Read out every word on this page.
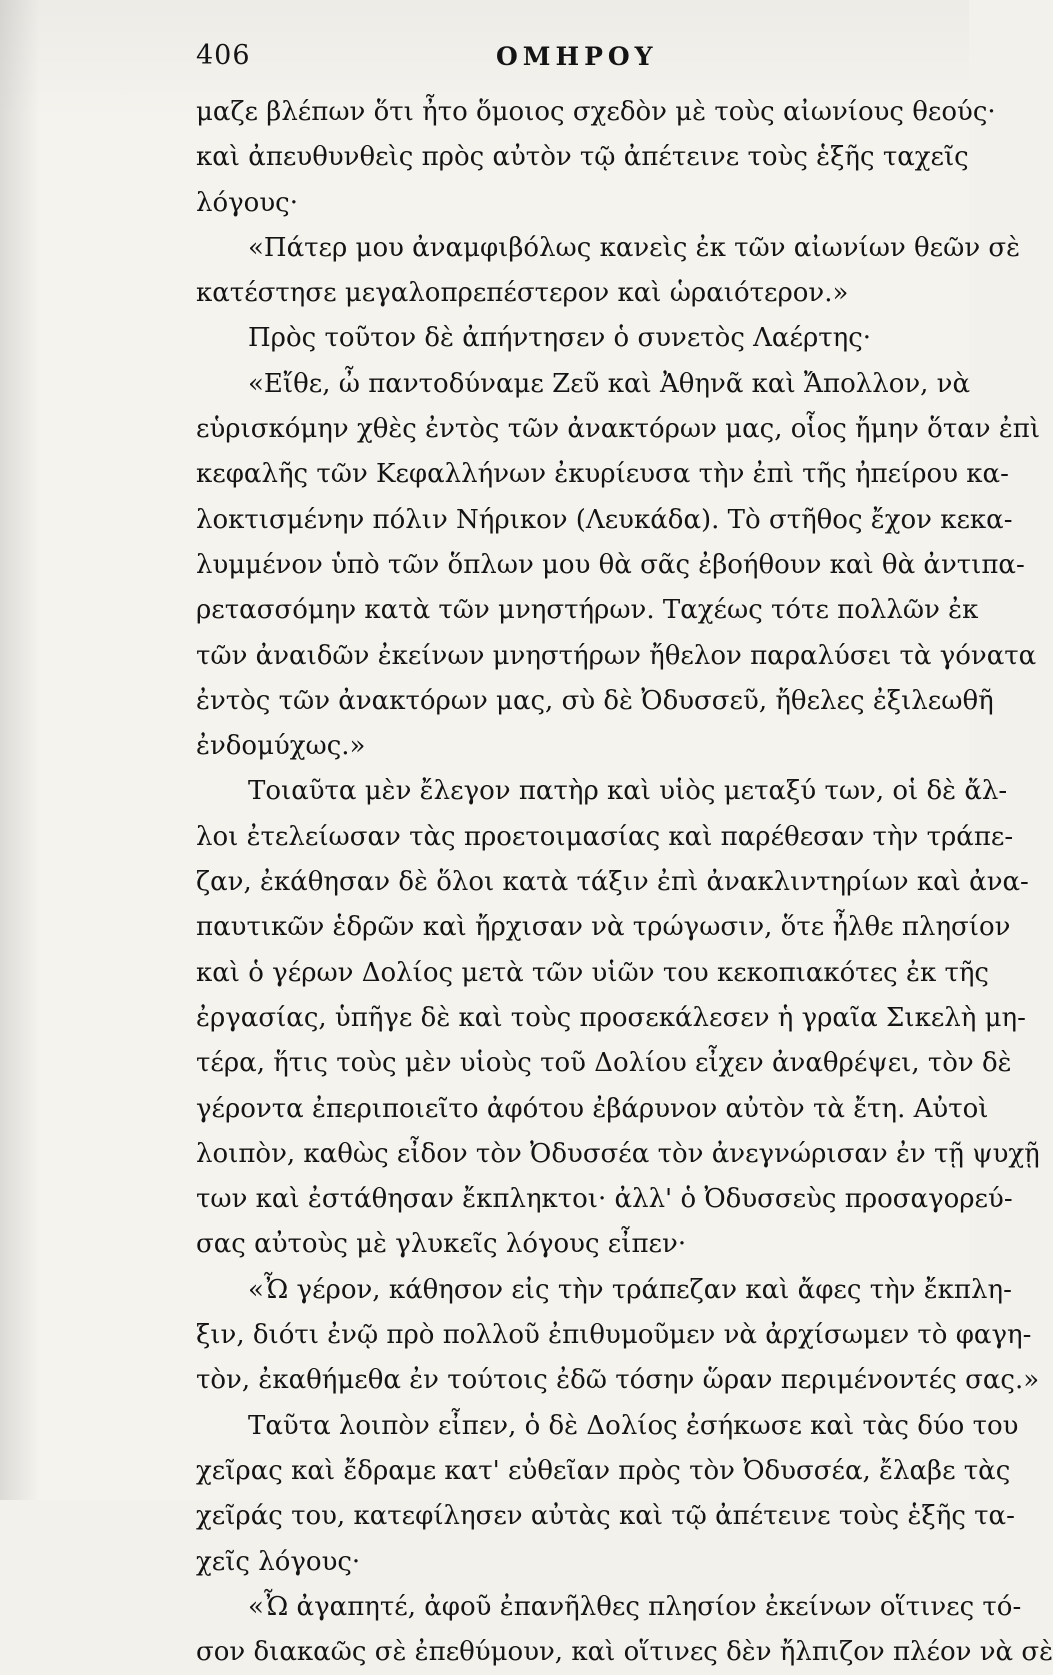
406	ΟΜΗΡΟΥ
μαζε βλέπων ὅτι ἦτο ὅμοιος σχεδὸν μὲ τοὺς αἰωνίους θεούς·
καὶ ἀπευθυνθεὶς πρὸς αὐτὸν τῷ ἀπέτεινε τοὺς ἑξῆς ταχεῖς
λόγους·
«Πάτερ μου ἀναμφιβόλως κανεὶς ἐκ τῶν αἰωνίων θεῶν σὲ
κατέστησε μεγαλοπρεπέστερον καὶ ὡραιότερον.»
Πρὸς τοῦτον δὲ ἀπήντησεν ὁ συνετὸς Λαέρτης·
«Εἴθε, ὦ παντοδύναμε Ζεῦ καὶ Ἀθηνᾶ καὶ Ἄπολλον, νὰ
εὑρισκόμην χθὲς ἐντὸς τῶν ἀνακτόρων μας, οἷος ἤμην ὅταν ἐπὶ
κεφαλῆς τῶν Κεφαλλήνων ἐκυρίευσα τὴν ἐπὶ τῆς ἠπείρου κα-
λοκτισμένην πόλιν Νήρικον (Λευκάδα). Τὸ στῆθος ἔχον κεκα-
λυμμένον ὑπὸ τῶν ὅπλων μου θὰ σᾶς ἐβοήθουν καὶ θὰ ἀντιπα-
ρετασσόμην κατὰ τῶν μνηστήρων. Ταχέως τότε πολλῶν ἐκ
τῶν ἀναιδῶν ἐκείνων μνηστήρων ἤθελον παραλύσει τὰ γόνατα
ἐντὸς τῶν ἀνακτόρων μας, σὺ δὲ Ὀδυσσεῦ, ἤθελες ἐξιλεωθῆ
ἐνδομύχως.»
Τοιαῦτα μὲν ἔλεγον πατὴρ καὶ υἱὸς μεταξύ των, οἱ δὲ ἄλ-
λοι ἐτελείωσαν τὰς προετοιμασίας καὶ παρέθεσαν τὴν τράπε-
ζαν, ἐκάθησαν δὲ ὅλοι κατὰ τάξιν ἐπὶ ἀνακλιντηρίων καὶ ἀνα-
παυτικῶν ἑδρῶν καὶ ἤρχισαν νὰ τρώγωσιν, ὅτε ἦλθε πλησίον
καὶ ὁ γέρων Δολίος μετὰ τῶν υἱῶν του κεκοπιακότες ἐκ τῆς
ἐργασίας, ὑπῆγε δὲ καὶ τοὺς προσεκάλεσεν ἡ γραῖα Σικελὴ μη-
τέρα, ἥτις τοὺς μὲν υἱοὺς τοῦ Δολίου εἶχεν ἀναθρέψει, τὸν δὲ
γέροντα ἐπεριποιεῖτο ἀφότου ἐβάρυνον αὐτὸν τὰ ἔτη. Αὐτοὶ
λοιπὸν, καθὼς εἶδον τὸν Ὀδυσσέα τὸν ἀνεγνώρισαν ἐν τῇ ψυχῇ
των καὶ ἐστάθησαν ἔκπληκτοι· ἀλλ' ὁ Ὀδυσσεὺς προσαγορεύ-
σας αὐτοὺς μὲ γλυκεῖς λόγους εἶπεν·
«Ὦ γέρον, κάθησον εἰς τὴν τράπεζαν καὶ ἄφες τὴν ἔκπλη-
ξιν, διότι ἐνῷ πρὸ πολλοῦ ἐπιθυμοῦμεν νὰ ἀρχίσωμεν τὸ φαγη-
τὸν, ἐκαθήμεθα ἐν τούτοις ἐδῶ τόσην ὥραν περιμένοντές σας.»
Ταῦτα λοιπὸν εἶπεν, ὁ δὲ Δολίος ἐσήκωσε καὶ τὰς δύο του
χεῖρας καὶ ἔδραμε κατ' εὐθεῖαν πρὸς τὸν Ὀδυσσέα, ἔλαβε τὰς
χεῖράς του, κατεφίλησεν αὐτὰς καὶ τῷ ἀπέτεινε τοὺς ἑξῆς τα-
χεῖς λόγους·
«Ὦ ἀγαπητέ, ἀφοῦ ἐπανῆλθες πλησίον ἐκείνων οἵτινες τό-
σον διακαῶς σὲ ἐπεθύμουν, καὶ οἵτινες δὲν ἤλπιζον πλέον νὰ σὲ
